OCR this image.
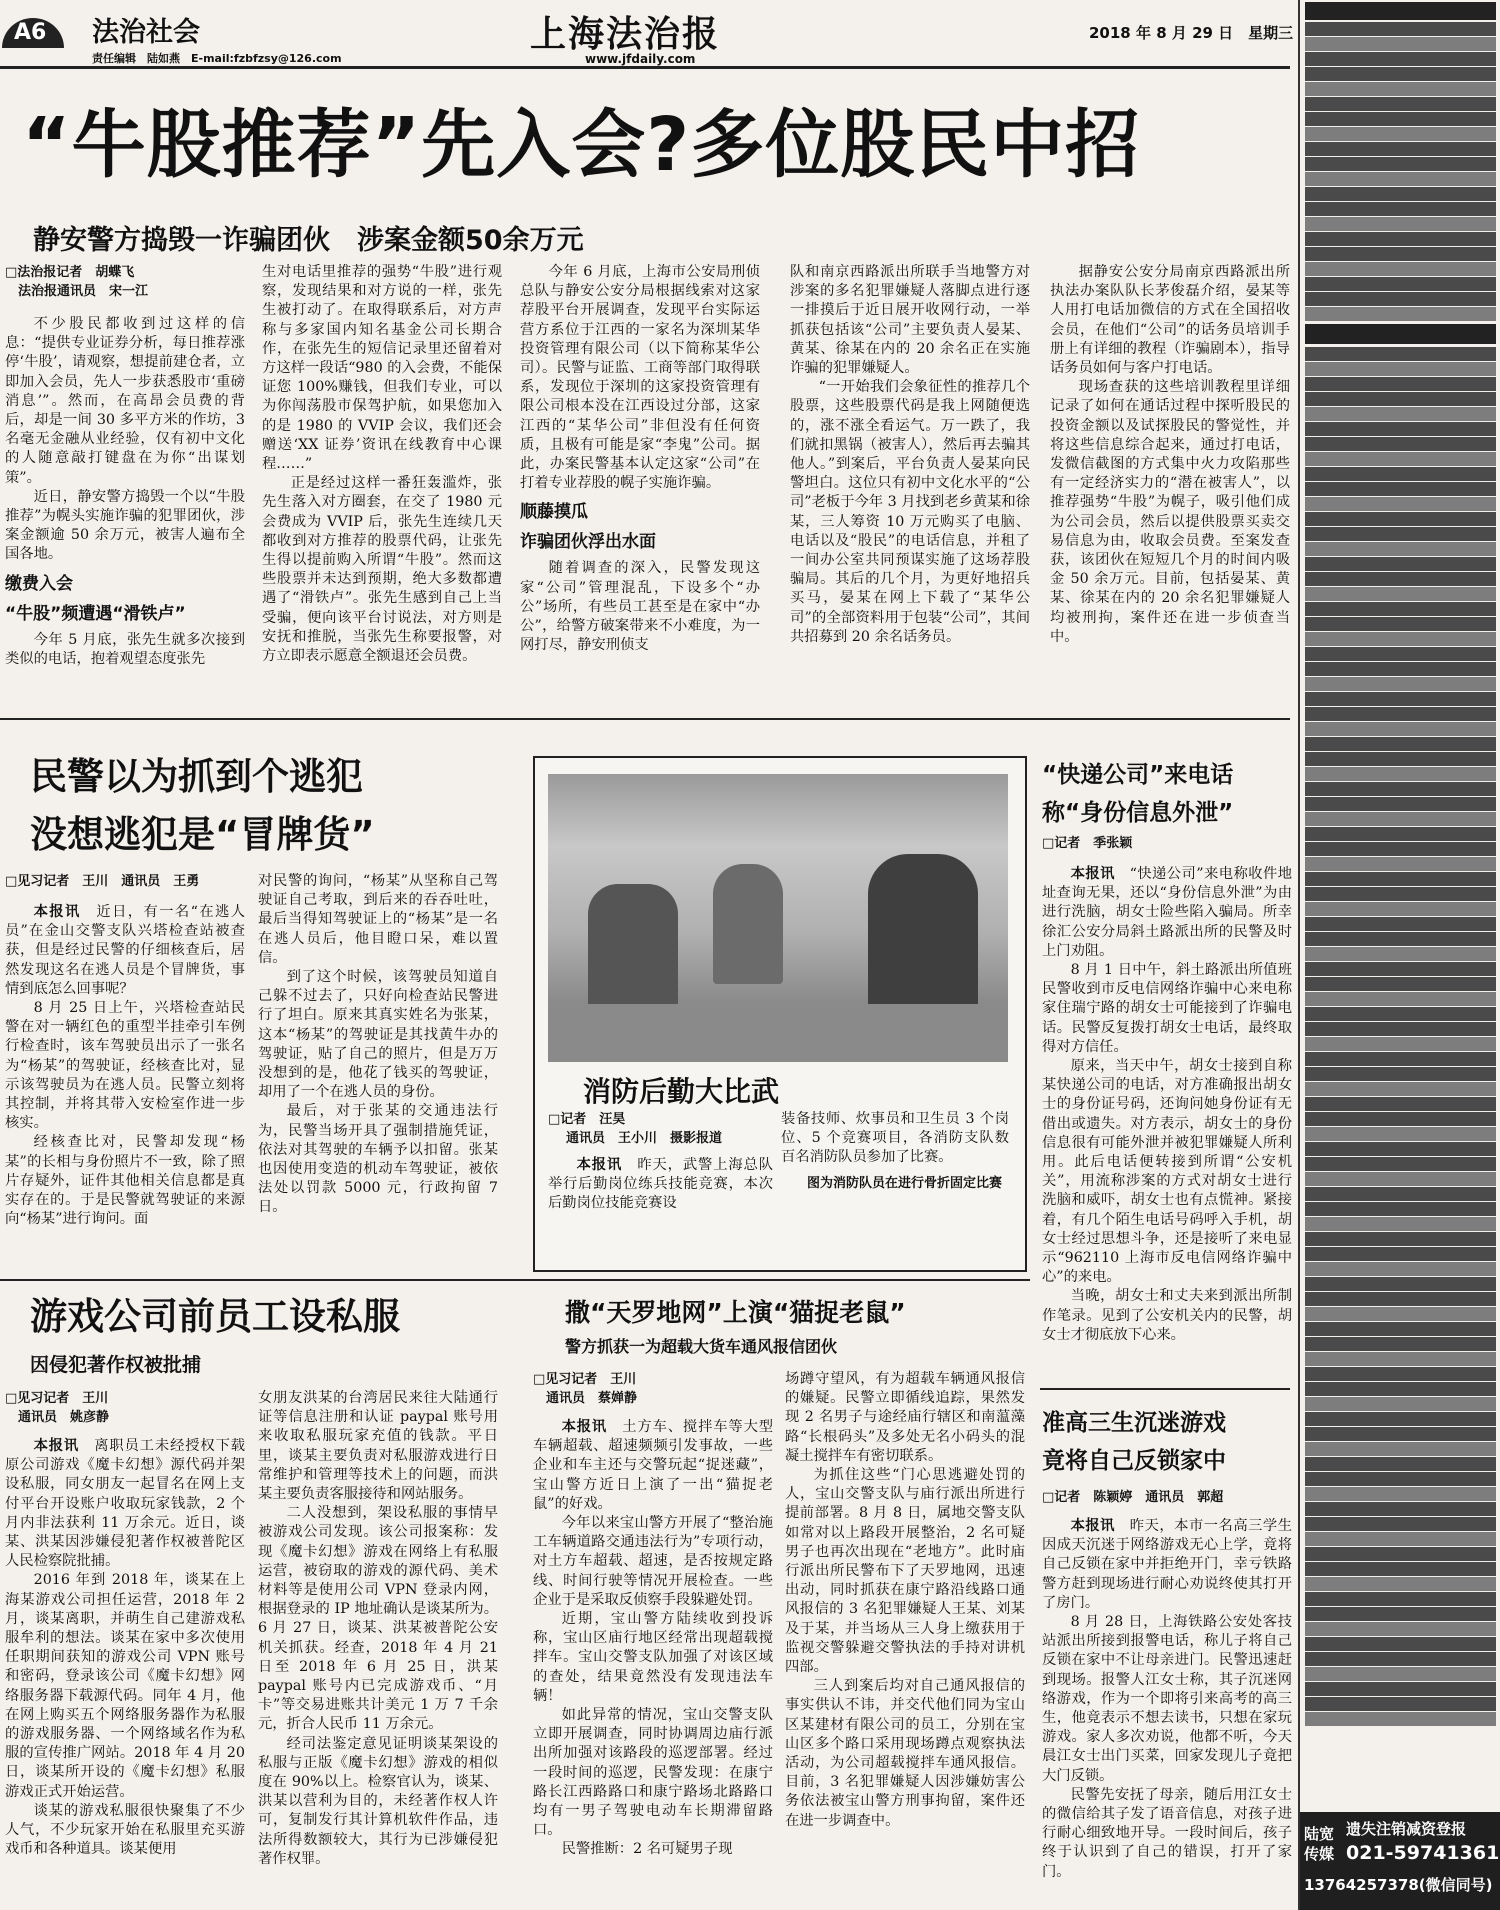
A6 法治社会
责任编辑　陆如燕　E-mail:fzbfzsy@126.com
上海法治报
www.jfdaily.com
2018 年 8 月 29 日　星期三
“牛股推荐”先入会?多位股民中招
静安警方捣毁一诈骗团伙　涉案金额50余万元
□法治报记者　胡蝶飞
　法治报通讯员　宋一江

不少股民都收到过这样的信息：“提供专业证券分析，每日推荐涨停‘牛股’，请观察，想提前建仓者，立即加入会员，先人一步获悉股市‘重磅消息’”。然而，在高昂会员费的背后，却是一间 30 多平方米的作坊，3 名毫无金融从业经验，仅有初中文化的人随意敲打键盘在为你“出谋划策”。

近日，静安警方捣毁一个以“牛股推荐”为幌头实施诈骗的犯罪团伙，涉案金额逾 50 余万元，被害人遍布全国各地。

缴费入会
“牛股”频遭遇“滑铁卢”

今年 5 月底，张先生就多次接到类似的电话，抱着观望态度张先

生对电话里推荐的强势“牛股”进行观察，发现结果和对方说的一样，张先生被打动了。在取得联系后，对方声称与多家国内知名基金公司长期合作，在张先生的短信记录里还留着对方这样一段话“980 的入会费，不能保证您 100%赚钱，但我们专业，可以为你闯荡股市保驾护航，如果您加入的是 1980 的 VVIP 会议，我们还会赠送‘XX 证券’资讯在线教育中心课程……”

正是经过这样一番狂轰滥炸，张先生落入对方圈套，在交了 1980 元会费成为 VVIP 后，张先生连续几天都收到对方推荐的股票代码，让张先生得以提前购入所谓“牛股”。然而这些股票并未达到预期，绝大多数都遭遇了“滑铁卢”。张先生感到自己上当受骗，便向该平台讨说法，对方则是安抚和推脱，当张先生称要报警，对方立即表示愿意全额退还会员费。

今年 6 月底，上海市公安局刑侦总队与静安公安分局根据线索对这家荐股平台开展调查，发现平台实际运营方系位于江西的一家名为深圳某华投资管理有限公司（以下简称某华公司）。民警与证监、工商等部门取得联系，发现位于深圳的这家投资管理有限公司根本没在江西设过分部，这家江西的“某华公司”非但没有任何资质，且极有可能是家“李鬼”公司。据此，办案民警基本认定这家“公司”在打着专业荐股的幌子实施诈骗。

顺藤摸瓜
诈骗团伙浮出水面

随着调查的深入，民警发现这家“公司”管理混乱，下设多个“办公”场所，有些员工甚至是在家中“办公”，给警方破案带来不小难度，为一网打尽，静安刑侦支

队和南京西路派出所联手当地警方对涉案的多名犯罪嫌疑人落脚点进行逐一排摸后于近日展开收网行动，一举抓获包括该“公司”主要负责人晏某、黄某、徐某在内的 20 余名正在实施诈骗的犯罪嫌疑人。

“一开始我们会象征性的推荐几个股票，这些股票代码是我上网随便选的，涨不涨全看运气。万一跌了，我们就扣黑锅（被害人），然后再去骗其他人。”到案后，平台负责人晏某向民警坦白。这位只有初中文化水平的“公司”老板于今年 3 月找到老乡黄某和徐某，三人筹资 10 万元购买了电脑、电话以及“股民”的电话信息，并租了一间办公室共同预谋实施了这场荐股骗局。其后的几个月，为更好地招兵买马，晏某在网上下载了“某华公司”的全部资料用于包装“公司”，其间共招募到 20 余名话务员。

据静安公安分局南京西路派出所执法办案队队长茅俊磊介绍，晏某等人用打电话加微信的方式在全国招收会员，在他们“公司”的话务员培训手册上有详细的教程（诈骗剧本），指导话务员如何与客户打电话。

现场查获的这些培训教程里详细记录了如何在通话过程中探听股民的投资金额以及试探股民的警觉性，并将这些信息综合起来，通过打电话，发微信截图的方式集中火力攻陷那些有一定经济实力的“潜在被害人”，以推荐强势“牛股”为幌子，吸引他们成为公司会员，然后以提供股票买卖交易信息为由，收取会员费。至案发查获，该团伙在短短几个月的时间内吸金 50 余万元。目前，包括晏某、黄某、徐某在内的 20 余名犯罪嫌疑人均被刑拘，案件还在进一步侦查当中。

民警以为抓到个逃犯
没想逃犯是“冒牌货”
□见习记者　王川　通讯员　王勇

本报讯　 近日，有一名“在逃人员”在金山交警支队兴塔检查站被查获，但是经过民警的仔细核查后，居然发现这名在逃人员是个冒牌货，事情到底怎么回事呢？

8 月 25 日上午，兴塔检查站民警在对一辆红色的重型半挂牵引车例行检查时，该车驾驶员出示了一张名为“杨某”的驾驶证，经核查比对，显示该驾驶员为在逃人员。民警立刻将其控制，并将其带入安检室作进一步核实。

经核查比对，民警却发现“杨某”的长相与身份照片不一致，除了照片存疑外，证件其他相关信息都是真实存在的。于是民警就驾驶证的来源向“杨某”进行询问。面

对民警的询问，“杨某”从坚称自己驾驶证自己考取，到后来的吞吞吐吐，最后当得知驾驶证上的“杨某”是一名在逃人员后，他目瞪口呆，难以置信。

到了这个时候，该驾驶员知道自己躲不过去了，只好向检查站民警进行了坦白。原来其真实姓名为张某，这本“杨某”的驾驶证是其找黄牛办的驾驶证，贴了自己的照片，但是万万没想到的是，他花了钱买的驾驶证，却用了一个在逃人员的身份。

最后，对于张某的交通违法行为，民警当场开具了强制措施凭证，依法对其驾驶的车辆予以扣留。张某也因使用变造的机动车驾驶证，被依法处以罚款 5000 元，行政拘留 7 日。

消防后勤大比武
□记者　汪昊
通讯员　王小川　摄影报道

本报讯　 昨天，武警上海总队举行后勤岗位练兵技能竞赛，本次后勤岗位技能竞赛设

装备技师、炊事员和卫生员 3 个岗位、5 个竞赛项目，各消防支队数百名消防队员参加了比赛。

图为消防队员在进行骨折固定比赛

“快递公司”来电话
称“身份信息外泄”
□记者　季张颖

本报讯　 “快递公司”来电称收件地址查询无果，还以“身份信息外泄”为由进行洗脑，胡女士险些陷入骗局。所幸徐汇公安分局斜土路派出所的民警及时上门劝阻。

8 月 1 日中午，斜土路派出所值班民警收到市反电信网络诈骗中心来电称家住瑞宁路的胡女士可能接到了诈骗电话。民警反复拨打胡女士电话，最终取得对方信任。

原来，当天中午，胡女士接到自称某快递公司的电话，对方准确报出胡女士的身份证号码，还询问她身份证有无借出或遗失。对方表示，胡女士的身份信息很有可能外泄并被犯罪嫌疑人所利用。此后电话便转接到所谓“公安机关”，用流称涉案的方式对胡女士进行洗脑和威吓，胡女士也有点慌神。紧接着，有几个陌生电话号码呼入手机，胡女士经过思想斗争，还是接听了来电显示“962110 上海市反电信网络诈骗中心”的来电。

当晚，胡女士和丈夫来到派出所制作笔录。见到了公安机关内的民警，胡女士才彻底放下心来。

游戏公司前员工设私服
因侵犯著作权被批捕
□见习记者　王川
　通讯员　姚彦静

本报讯　 离职员工未经授权下载原公司游戏《魔卡幻想》源代码并架设私服，同女朋友一起冒名在网上支付平台开设账户收取玩家钱款，2 个月内非法获利 11 万余元。近日，谈某、洪某因涉嫌侵犯著作权被普陀区人民检察院批捕。

2016 年到 2018 年，谈某在上海某游戏公司担任运营，2018 年 2 月，谈某离职，并萌生自己建游戏私服牟利的想法。谈某在家中多次使用任职期间获知的游戏公司 VPN 账号和密码，登录该公司《魔卡幻想》网络服务器下载源代码。同年 4 月，他在网上购买五个网络服务器作为私服的游戏服务器、一个网络域名作为私服的宣传推广网站。2018 年 4 月 20 日，谈某所开设的《魔卡幻想》私服游戏正式开始运营。

谈某的游戏私服很快聚集了不少人气，不少玩家开始在私服里充买游戏币和各种道具。谈某便用

女朋友洪某的台湾居民来往大陆通行证等信息注册和认证 paypal 账号用来收取私服玩家充值的钱款。平日里，谈某主要负责对私服游戏进行日常维护和管理等技术上的问题，而洪某主要负责客服接待和网站服务。

二人没想到，架设私服的事情早被游戏公司发现。该公司报案称：发现《魔卡幻想》游戏在网络上有私服运营，被窃取的游戏的源代码、美术材料等是使用公司 VPN 登录内网，根据登录的 IP 地址确认是谈某所为。6 月 27 日，谈某、洪某被普陀公安机关抓获。经查，2018 年 4 月 21 日至 2018 年 6 月 25 日，洪某 paypal 账号内已完成游戏币、“月卡”等交易进账共计美元 1 万 7 千余元，折合人民币 11 万余元。

经司法鉴定意见证明谈某架设的私服与正版《魔卡幻想》游戏的相似度在 90%以上。检察官认为，谈某、洪某以营利为目的，未经著作权人许可，复制发行其计算机软件作品，违法所得数额较大，其行为已涉嫌侵犯著作权罪。

撒“天罗地网”上演“猫捉老鼠”
警方抓获一为超载大货车通风报信团伙
□见习记者　王川
　通讯员　蔡婵静

本报讯　 土方车、搅拌车等大型车辆超载、超速频频引发事故，一些企业和车主还与交警玩起“捉迷藏”，宝山警方近日上演了一出“猫捉老鼠”的好戏。

今年以来宝山警方开展了“整治施工车辆道路交通违法行为”专项行动，对土方车超载、超速，是否按规定路线、时间行驶等情况开展检查。一些企业于是采取反侦察手段躲避处罚。

近期，宝山警方陆续收到投诉称，宝山区庙行地区经常出现超载搅拌车。宝山交警支队加强了对该区域的查处，结果竟然没有发现违法车辆！

如此异常的情况，宝山交警支队立即开展调查，同时协调周边庙行派出所加强对该路段的巡逻部署。经过一段时间的巡逻，民警发现：在康宁路长江西路路口和康宁路场北路路口均有一男子驾驶电动车长期滞留路口。

民警推断：2 名可疑男子现

场蹲守望风，有为超载车辆通风报信的嫌疑。民警立即循线追踪，果然发现 2 名男子与途经庙行辖区和南蕰藻路“长根码头”及多处无名小码头的混凝土搅拌车有密切联系。

为抓住这些“门心思逃避处罚的人，宝山交警支队与庙行派出所进行提前部署。8 月 8 日，属地交警支队如常对以上路段开展整治，2 名可疑男子也再次出现在“老地方”。此时庙行派出所民警布下了天罗地网，迅速出动，同时抓获在康宁路沿线路口通风报信的 3 名犯罪嫌疑人王某、刘某及于某，并当场从三人身上缴获用于监视交警躲避交警执法的手持对讲机四部。

三人到案后均对自己通风报信的事实供认不讳，并交代他们同为宝山区某建材有限公司的员工，分别在宝山区多个路口采用现场蹲点观察执法活动，为公司超载搅拌车通风报信。目前，3 名犯罪嫌疑人因涉嫌妨害公务依法被宝山警方刑事拘留，案件还在进一步调查中。

准高三生沉迷游戏
竟将自己反锁家中
□记者　陈颖婷　通讯员　郭超

本报讯　 昨天，本市一名高三学生因成天沉迷于网络游戏无心上学，竟将自己反锁在家中并拒绝开门，幸亏铁路警方赶到现场进行耐心劝说终使其打开了房门。

8 月 28 日，上海铁路公安处客技站派出所接到报警电话，称儿子将自己反锁在家中不让母亲进门。民警迅速赶到现场。报警人江女士称，其子沉迷网络游戏，作为一个即将引来高考的高三生，他竟表示不想去读书，只想在家玩游戏。家人多次劝说，他都不听，今天晨江女士出门买菜，回家发现儿子竟把大门反锁。

民警先安抚了母亲，随后用江女士的微信给其子发了语音信息，对孩子进行耐心细致地开导。一段时间后，孩子终于认识到了自己的错误，打开了家门。

陆宽传媒
遗失注销减资登报
021-59741361
13764257378(微信同号)
